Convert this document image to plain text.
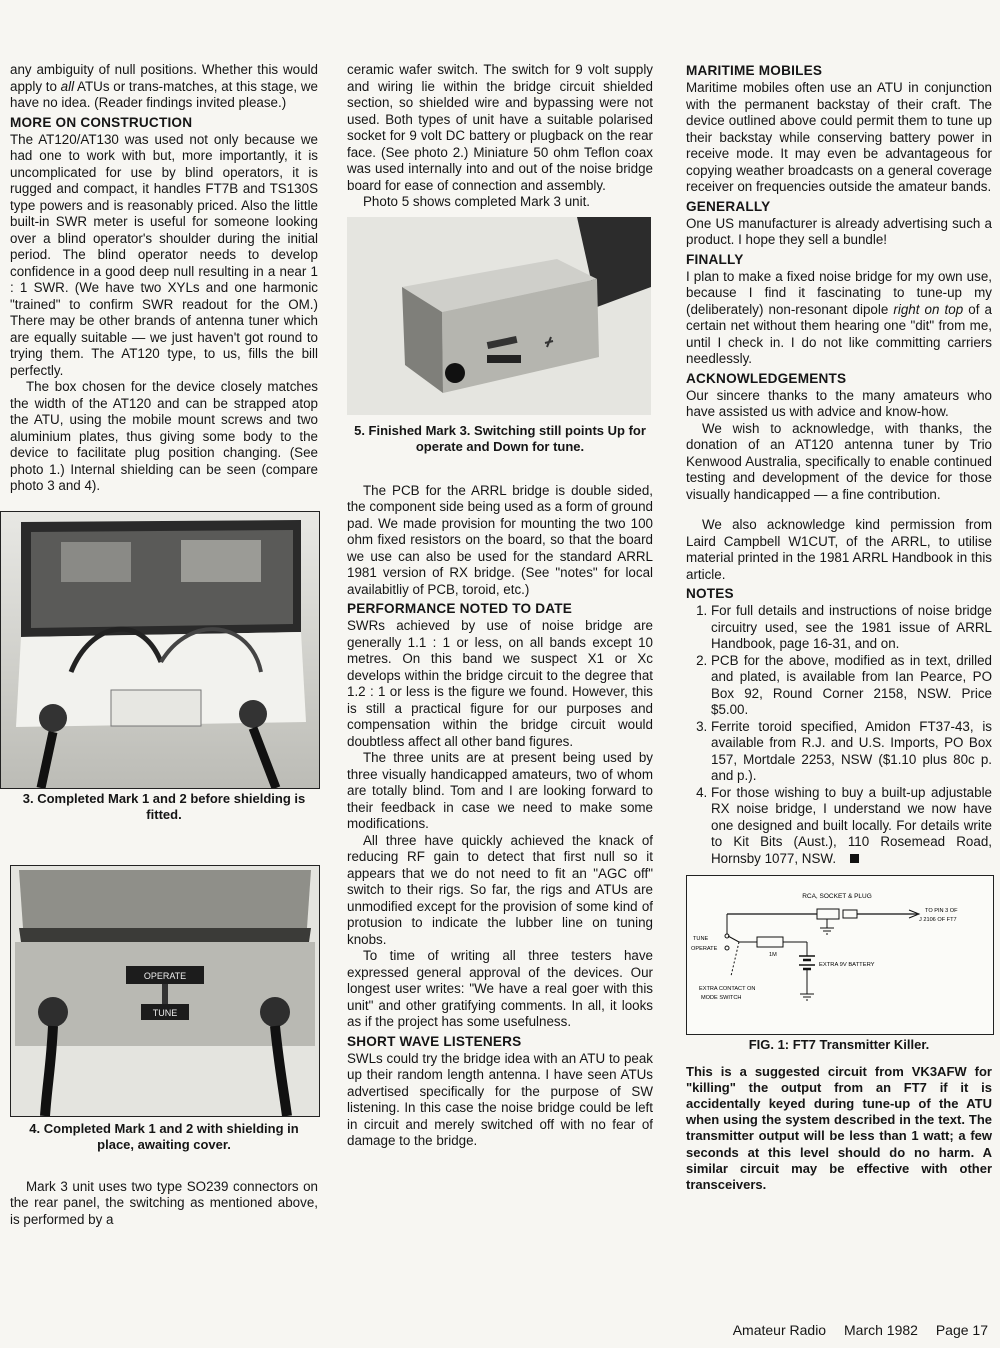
any ambiguity of null positions. Whether this would apply to all ATUs or trans-matches, at this stage, we have no idea. (Reader findings invited please.)

MORE ON CONSTRUCTION

The AT120/AT130 was used not only because we had one to work with but, more importantly, it is uncomplicated for use by blind operators, it is rugged and compact, it handles FT7B and TS130S type powers and is reasonably priced. Also the little built-in SWR meter is useful for someone looking over a blind operator's shoulder during the initial period. The blind operator needs to develop confidence in a good deep null resulting in a near 1 : 1 SWR. (We have two XYLs and one harmonic "trained" to confirm SWR readout for the OM.) There may be other brands of antenna tuner which are equally suitable — we just haven't got round to trying them. The AT120 type, to us, fills the bill perfectly.

The box chosen for the device closely matches the width of the AT120 and can be strapped atop the ATU, using the mobile mount screws and two aluminium plates, thus giving some body to the device to facilitate plug position changing. (See photo 1.) Internal shielding can be seen (compare photo 3 and 4).

3. Completed Mark 1 and 2 before shielding is fitted.

OPERATE
TUNE

4. Completed Mark 1 and 2 with shielding in place, awaiting cover.

Mark 3 unit uses two type SO239 connectors on the rear panel, the switching as mentioned above, is performed by a

ceramic wafer switch. The switch for 9 volt supply and wiring lie within the bridge circuit shielded section, so shielded wire and bypassing were not used. Both types of unit have a suitable polarised socket for 9 volt DC battery or plugback on the rear face. (See photo 2.) Miniature 50 ohm Teflon coax was used internally into and out of the noise bridge board for ease of connection and assembly.

Photo 5 shows completed Mark 3 unit.

5. Finished Mark 3. Switching still points Up for operate and Down for tune.

The PCB for the ARRL bridge is double sided, the component side being used as a form of ground pad. We made provision for mounting the two 100 ohm fixed resistors on the board, so that the board we use can also be used for the standard ARRL 1981 version of RX bridge. (See "notes" for local availabitliy of PCB, toroid, etc.)

PERFORMANCE NOTED TO DATE

SWRs achieved by use of noise bridge are generally 1.1 : 1 or less, on all bands except 10 metres. On this band we suspect X1 or Xc develops within the bridge circuit to the degree that 1.2 : 1 or less is the figure we found. However, this is still a practical figure for our purposes and compensation within the bridge circuit would doubtless affect all other band figures.

The three units are at present being used by three visually handicapped amateurs, two of whom are totally blind. Tom and I are looking forward to their feedback in case we need to make some modifications.

All three have quickly achieved the knack of reducing RF gain to detect that first null so it appears that we do not need to fit an "AGC off" switch to their rigs. So far, the rigs and ATUs are unmodified except for the provision of some kind of protusion to indicate the lubber line on tuning knobs.

To time of writing all three testers have expressed general approval of the devices. Our longest user writes: "We have a real goer with this unit" and other gratifying comments. In all, it looks as if the project has some usefulness.

SHORT WAVE LISTENERS

SWLs could try the bridge idea with an ATU to peak up their random length antenna. I have seen ATUs advertised specifically for the purpose of SW listening. In this case the noise bridge could be left in circuit and merely switched off with no fear of damage to the bridge.

MARITIME MOBILES

Maritime mobiles often use an ATU in conjunction with the permanent backstay of their craft. The device outlined above could permit them to tune up their backstay while conserving battery power in receive mode. It may even be advantageous for copying weather broadcasts on a general coverage receiver on frequencies outside the amateur bands.

GENERALLY

One US manufacturer is already advertising such a product. I hope they sell a bundle!

FINALLY

I plan to make a fixed noise bridge for my own use, because I find it fascinating to tune-up my (deliberately) non-resonant dipole right on top of a certain net without them hearing one "dit" from me, until I check in. I do not like committing carriers needlessly.

ACKNOWLEDGEMENTS

Our sincere thanks to the many amateurs who have assisted us with advice and know-how.

We wish to acknowledge, with thanks, the donation of an AT120 antenna tuner by Trio Kenwood Australia, specifically to enable continued testing and development of the device for those visually handicapped — a fine contribution.

We also acknowledge kind permission from Laird Campbell W1CUT, of the ARRL, to utilise material printed in the 1981 ARRL Handbook in this article.

NOTES
1. For full details and instructions of noise bridge circuitry used, see the 1981 issue of ARRL Handbook, page 16-31, and on.
2. PCB for the above, modified as in text, drilled and plated, is available from Ian Pearce, PO Box 92, Round Corner 2158, NSW. Price $5.00.
3. Ferrite toroid specified, Amidon FT37-43, is available from R.J. and U.S. Imports, PO Box 157, Mortdale 2253, NSW ($1.10 plus 80c p. and p.).
4. For those wishing to buy a built-up adjustable RX noise bridge, I understand we now have one designed and built locally. For details write to Kit Bits (Aust.), 110 Rosemead Road, Hornsby 1077, NSW.
RCA, SOCKET & PLUG
TO PIN 3 OF
J 2106 OF FT7
TUNE
OPERATE
1M
EXTRA 9V BATTERY
EXTRA CONTACT ON
MODE SWITCH

FIG. 1: FT7 Transmitter Killer.

This is a suggested circuit from VK3AFW for "killing" the output from an FT7 if it is accidentally keyed during tune-up of the ATU when using the system described in the text. The transmitter output will be less than 1 watt; a few seconds at this level should do no harm. A similar circuit may be effective with other transceivers.

Amateur Radio March 1982 Page 17
